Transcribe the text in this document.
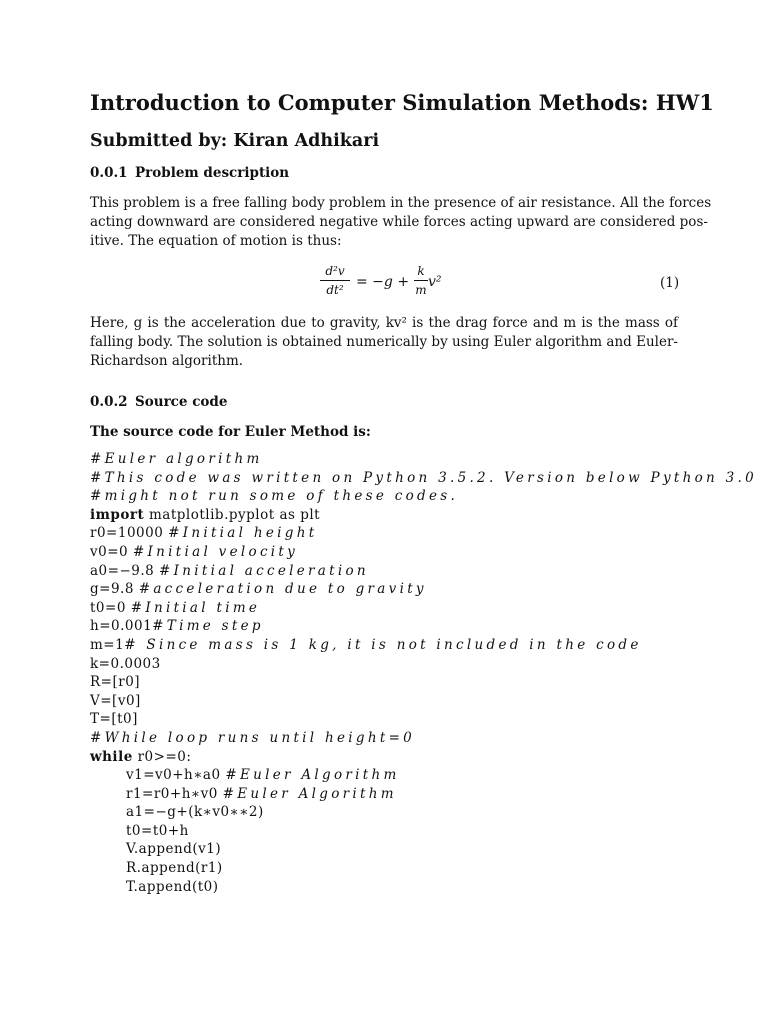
Introduction to Computer Simulation Methods: HW1
Submitted by: Kiran Adhikari
0.0.1 Problem description
This problem is a free falling body problem in the presence of air resistance. All the forces
acting downward are considered negative while forces acting upward are considered pos-
itive. The equation of motion is thus:
d²v
dt² = −g +
k
m v²	(1)
Here, g is the acceleration due to gravity, kv² is the drag force and m is the mass of
falling body. The solution is obtained numerically by using Euler algorithm and Euler-
Richardson algorithm.
0.0.2 Source code
The source code for Euler Method is:
#Euler algorithm
#This code was written on Python 3.5.2. Version below Python 3.0
#might not run some of these codes.
import matplotlib.pyplot as plt
r0=10000 #Initial height
v0=0 #Initial velocity
a0=−9.8 #Initial acceleration
g=9.8 #acceleration due to gravity
t0=0 #Initial time
h=0.001#Time step
m=1# Since mass is 1 kg, it is not included in the code
k=0.0003
R=[r0]
V=[v0]
T=[t0]
#While loop runs until height=0
while r0>=0:
v1=v0+h∗a0 #Euler Algorithm
r1=r0+h∗v0 #Euler Algorithm
a1=−g+(k∗v0∗∗2)
t0=t0+h
V.append(v1)
R.append(r1)
T.append(t0)
